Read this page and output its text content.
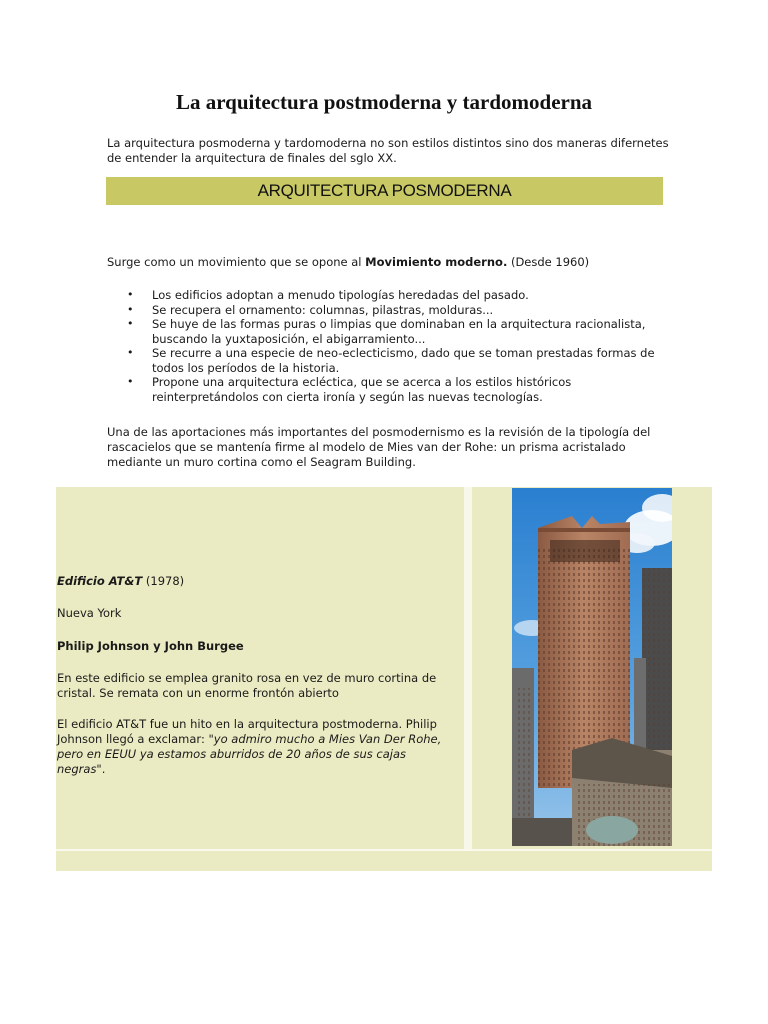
La arquitectura postmoderna y tardomoderna
La arquitectura posmoderna y tardomoderna no son estilos distintos sino dos maneras difernetes
de entender la arquitectura de finales del sglo XX.
ARQUITECTURA POSMODERNA
Surge como un movimiento que se opone al Movimiento moderno. (Desde 1960)
• Los edificios adoptan a menudo tipologías heredadas del pasado.
• Se recupera el ornamento: columnas, pilastras, molduras...
• Se huye de las formas puras o limpias que dominaban en la arquitectura racionalista, buscando la yuxtaposición, el abigarramiento...
• Se recurre a una especie de neo-eclecticismo, dado que se toman prestadas formas de todos los períodos de la historia.
• Propone una arquitectura ecléctica, que se acerca a los estilos históricos reinterpretándolos con cierta ironía y según las nuevas tecnologías.
Una de las aportaciones más importantes del posmodernismo es la revisión de la tipología del
rascacielos que se mantenía firme al modelo de Mies van der Rohe: un prisma acristalado
mediante un muro cortina como el Seagram Building.
Edificio AT&T (1978)
Nueva York
Philip Johnson y John Burgee
En este edificio se emplea granito rosa en vez de muro cortina de
cristal. Se remata con un enorme frontón abierto
El edificio AT&T fue un hito en la arquitectura postmoderna. Philip
Johnson llegó a exclamar: "yo admiro mucho a Mies Van Der Rohe,
pero en EEUU ya estamos aburridos de 20 años de sus cajas negras".
